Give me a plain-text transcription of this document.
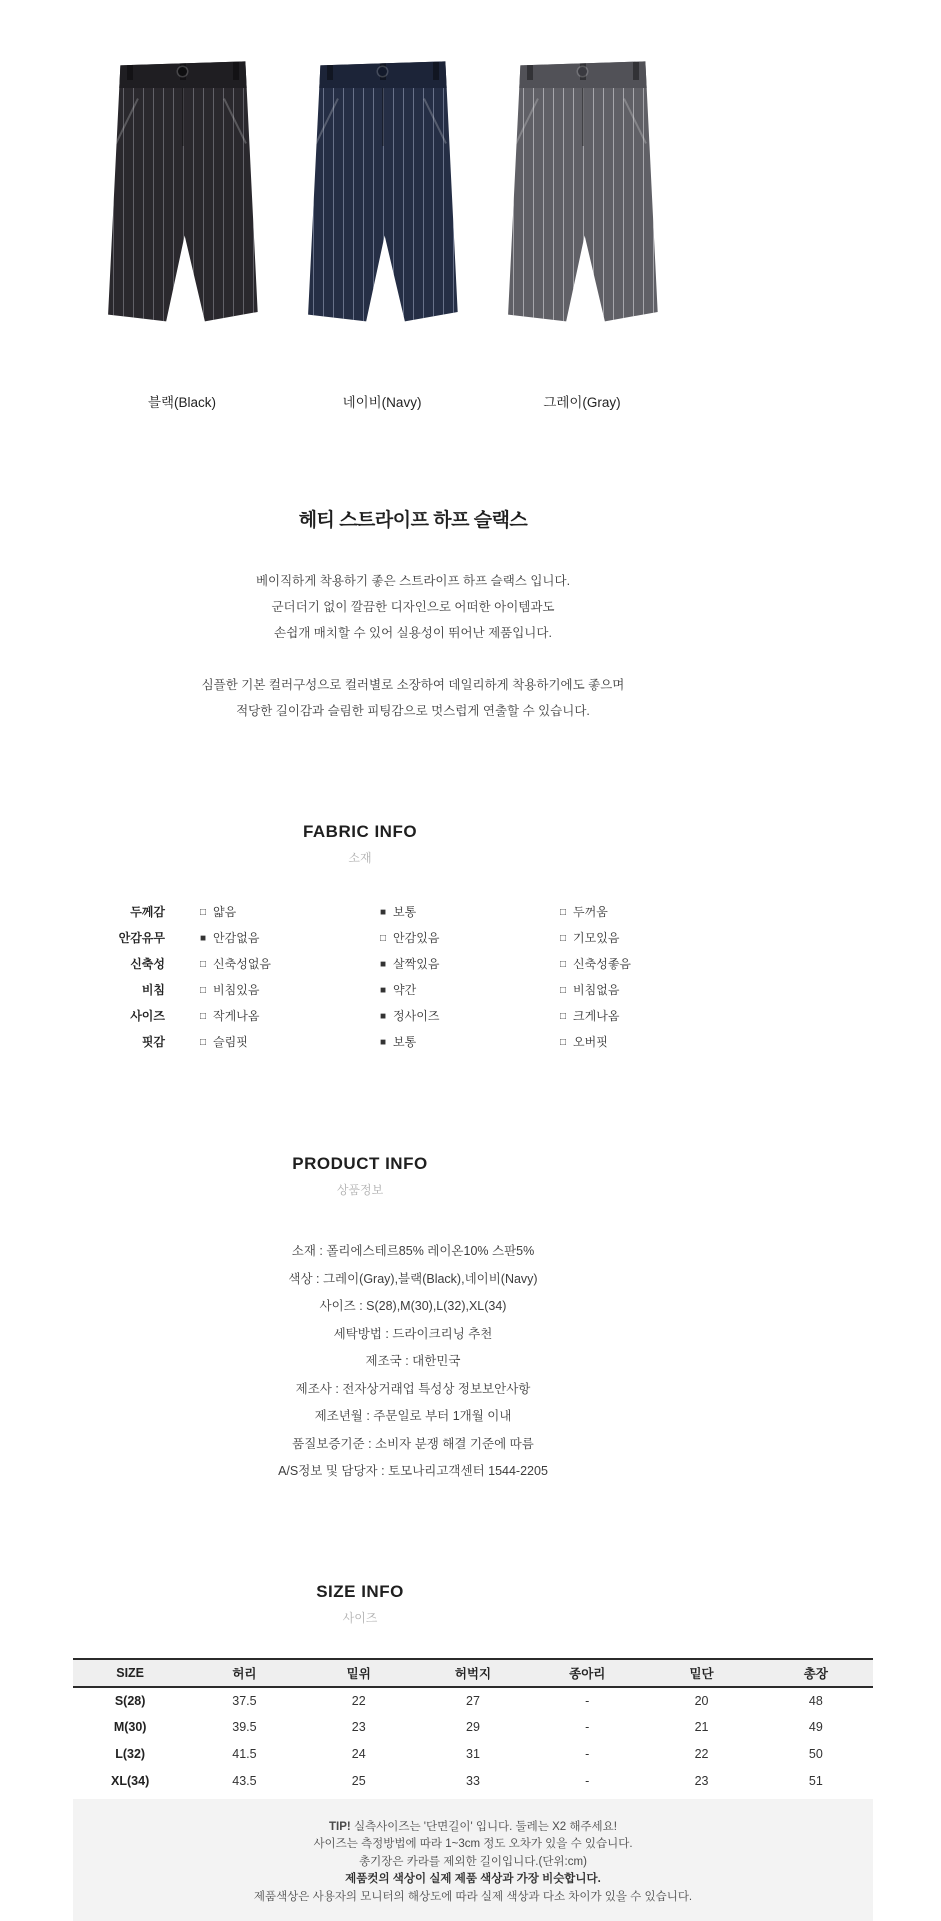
블랙(Black)	네이비(Navy)	그레이(Gray)
헤티 스트라이프 하프 슬랙스
베이직하게 착용하기 좋은 스트라이프 하프 슬랙스 입니다.
군더더기 없이 깔끔한 디자인으로 어떠한 아이템과도
손쉽개 매치할 수 있어 실용성이 뛰어난 제품입니다.
심플한 기본 컬러구성으로 컬러별로 소장하여 데일리하게 착용하기에도 좋으며
적당한 길이감과 슬림한 피팅감으로 멋스럽게 연출할 수 있습니다.
FABRIC INFO
소재
두께감	□ 얇음	■ 보통	□ 두꺼움
안감유무	■ 안감없음	□ 안감있음	□ 기모있음
신축성	□ 신축성없음	■ 살짝있음	□ 신축성좋음
비침	□ 비침있음	■ 약간	□ 비침없음
사이즈	□ 작게나옴	■ 정사이즈	□ 크게나옴
핏감	□ 슬림핏	■ 보통	□ 오버핏
PRODUCT INFO
상품정보
소재 : 폴리에스테르85% 레이온10% 스판5%
색상 : 그레이(Gray),블랙(Black),네이비(Navy)
사이즈 : S(28),M(30),L(32),XL(34)
세탁방법 : 드라이크리닝 추천
제조국 : 대한민국
제조사 : 전자상거래업 특성상 정보보안사항
제조년월 : 주문일로 부터 1개월 이내
품질보증기준 : 소비자 분쟁 해결 기준에 따름
A/S정보 및 담당자 : 토모나리고객센터 1544-2205
SIZE INFO
사이즈
SIZE	허리	밑위	허벅지	종아리	밑단	총장
S(28)	37.5	22	27	-	20	48
M(30)	39.5	23	29	-	21	49
L(32)	41.5	24	31	-	22	50
XL(34)	43.5	25	33	-	23	51
TIP! 실측사이즈는 '단면길이' 입니다. 둘레는 X2 해주세요!
사이즈는 측정방법에 따라 1~3cm 정도 오차가 있을 수 있습니다.
총기장은 카라를 제외한 길이입니다.(단위:cm)
제품컷의 색상이 실제 제품 색상과 가장 비슷합니다.
제품색상은 사용자의 모니터의 해상도에 따라 실제 색상과 다소 차이가 있을 수 있습니다.
